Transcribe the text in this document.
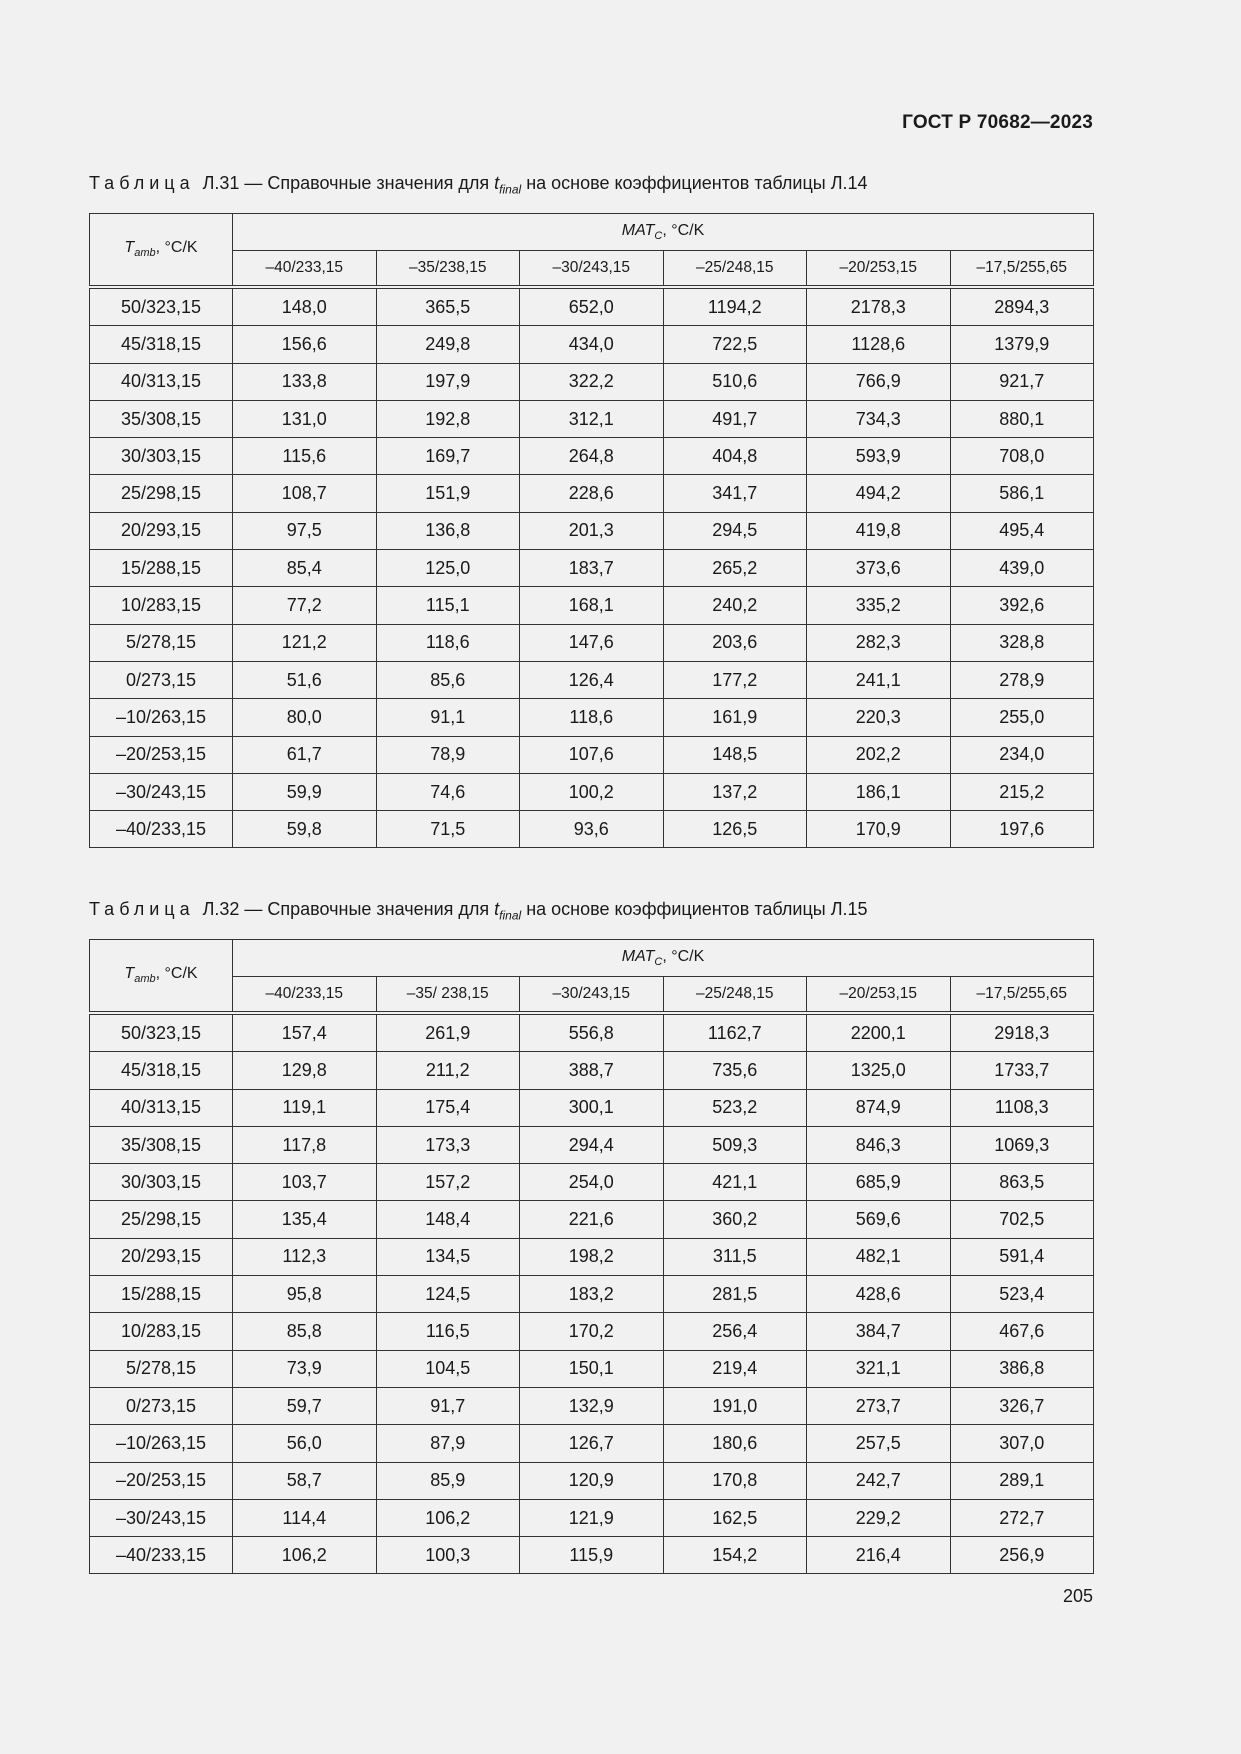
ГОСТ Р 70682—2023
Таблица Л.31 — Справочные значения для $t_{final}$ на основе коэффициентов таблицы Л.14
$T_{amb}$, °C/K	$MAT_C$, °C/K					
	–40/233,15	–35/238,15	–30/243,15	–25/248,15	–20/253,15	–17,5/255,65
50/323,15	148,0	365,5	652,0	1194,2	2178,3	2894,3
45/318,15	156,6	249,8	434,0	722,5	1128,6	1379,9
40/313,15	133,8	197,9	322,2	510,6	766,9	921,7
35/308,15	131,0	192,8	312,1	491,7	734,3	880,1
30/303,15	115,6	169,7	264,8	404,8	593,9	708,0
25/298,15	108,7	151,9	228,6	341,7	494,2	586,1
20/293,15	97,5	136,8	201,3	294,5	419,8	495,4
15/288,15	85,4	125,0	183,7	265,2	373,6	439,0
10/283,15	77,2	115,1	168,1	240,2	335,2	392,6
5/278,15	121,2	118,6	147,6	203,6	282,3	328,8
0/273,15	51,6	85,6	126,4	177,2	241,1	278,9
–10/263,15	80,0	91,1	118,6	161,9	220,3	255,0
–20/253,15	61,7	78,9	107,6	148,5	202,2	234,0
–30/243,15	59,9	74,6	100,2	137,2	186,1	215,2
–40/233,15	59,8	71,5	93,6	126,5	170,9	197,6
Таблица Л.32 — Справочные значения для $t_{final}$ на основе коэффициентов таблицы Л.15
$T_{amb}$, °C/K	$MAT_C$, °C/K					
	–40/233,15	–35/ 238,15	–30/243,15	–25/248,15	–20/253,15	–17,5/255,65
50/323,15	157,4	261,9	556,8	1162,7	2200,1	2918,3
45/318,15	129,8	211,2	388,7	735,6	1325,0	1733,7
40/313,15	119,1	175,4	300,1	523,2	874,9	1108,3
35/308,15	117,8	173,3	294,4	509,3	846,3	1069,3
30/303,15	103,7	157,2	254,0	421,1	685,9	863,5
25/298,15	135,4	148,4	221,6	360,2	569,6	702,5
20/293,15	112,3	134,5	198,2	311,5	482,1	591,4
15/288,15	95,8	124,5	183,2	281,5	428,6	523,4
10/283,15	85,8	116,5	170,2	256,4	384,7	467,6
5/278,15	73,9	104,5	150,1	219,4	321,1	386,8
0/273,15	59,7	91,7	132,9	191,0	273,7	326,7
–10/263,15	56,0	87,9	126,7	180,6	257,5	307,0
–20/253,15	58,7	85,9	120,9	170,8	242,7	289,1
–30/243,15	114,4	106,2	121,9	162,5	229,2	272,7
–40/233,15	106,2	100,3	115,9	154,2	216,4	256,9
205
